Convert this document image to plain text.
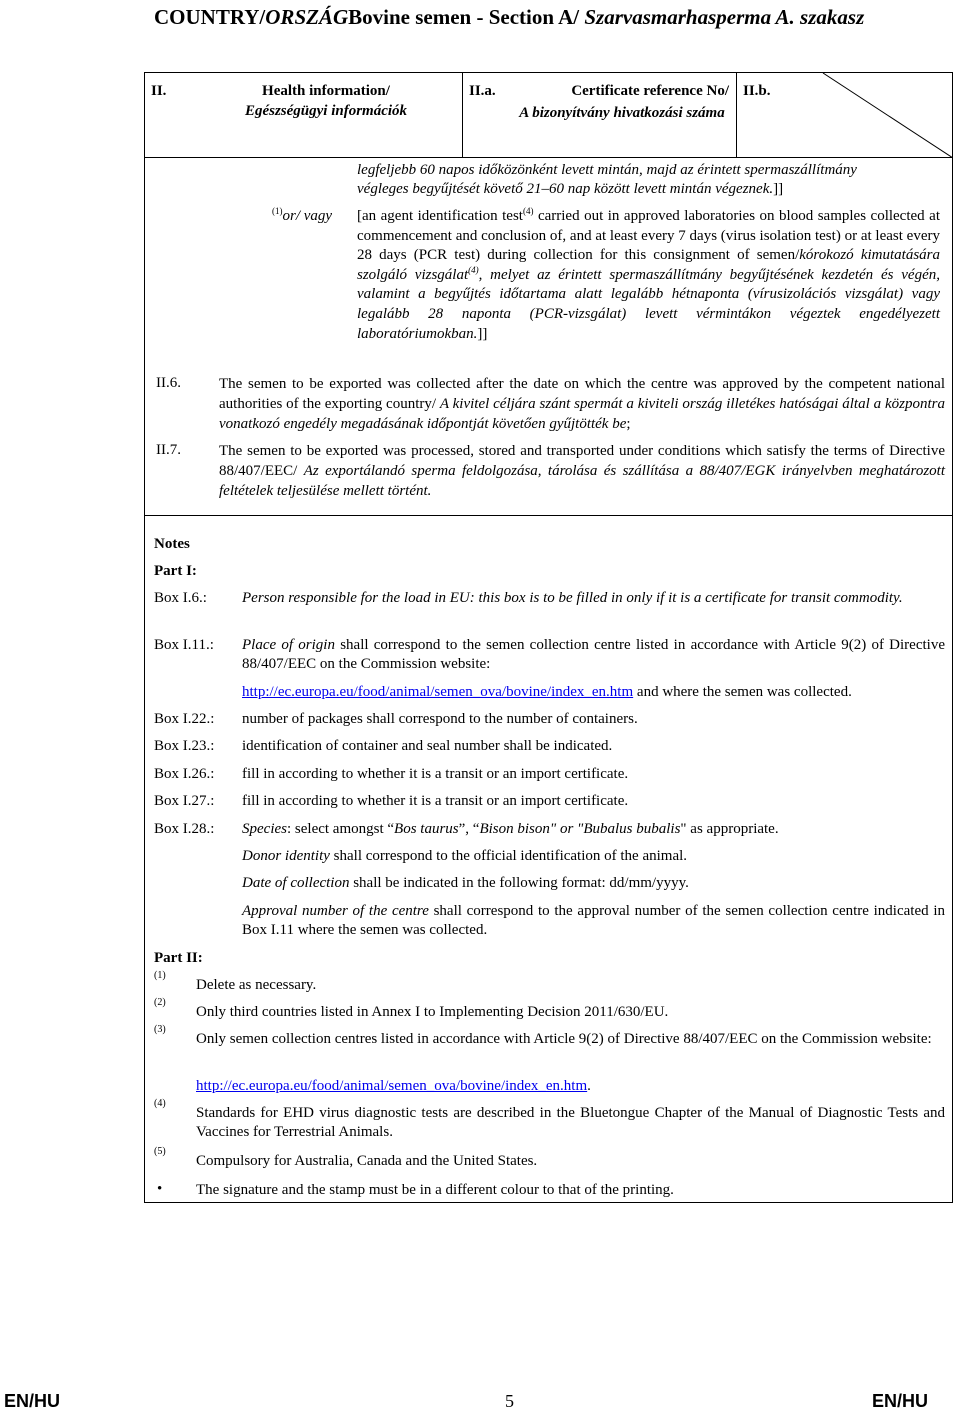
COUNTRY/ORSZÁGBovine semen - Section A/ Szarvasmarhasperma A. szakasz
II.	Health information/
Egészségügyi információk
II.a.	Certificate reference No/
A bizonyítvány hivatkozási száma
II.b.
legfeljebb 60 napos időközönként levett mintán, majd az érintett spermaszállítmány
végleges begyűjtését követő 21–60 nap között levett mintán végeznek.]]
$^{(1)}$or/ vagy [an agent identification test$^{(4)}$ carried out in approved laboratories on blood samples collected at commencement and conclusion of, and at least every 7 days (virus isolation test) or at least every 28 days (PCR test) during collection for this consignment of semen/kórokozó kimutatására szolgáló vizsgálat$^{(4)}$, melyet az érintett spermaszállítmány begyűjtésének kezdetén és végén, valamint a begyűjtés időtartama alatt legalább hétnaponta (vírusizolációs vizsgálat) vagy legalább 28 naponta (PCR-vizsgálat) levett vérmintákon végeztek engedélyezett laboratóriumokban.]]
II.6.	The semen to be exported was collected after the date on which the centre was approved by the competent national authorities of the exporting country/ A kivitel céljára szánt spermát a kiviteli ország illetékes hatóságai által a központra vonatkozó engedély megadásának időpontját követően gyűjtötték be;
II.7.	The semen to be exported was processed, stored and transported under conditions which satisfy the terms of Directive 88/407/EEC/ Az exportálandó sperma feldolgozása, tárolása és szállítása a 88/407/EGK irányelvben meghatározott feltételek teljesülése mellett történt.
Notes
Part I:
Box I.6.: Person responsible for the load in EU: this box is to be filled in only if it is a certificate for transit commodity.
Box I.11.: Place of origin shall correspond to the semen collection centre listed in accordance with Article 9(2) of Directive 88/407/EEC on the Commission website:
http://ec.europa.eu/food/animal/semen_ova/bovine/index_en.htm and where the semen was collected.
Box I.22.: number of packages shall correspond to the number of containers.
Box I.23.: identification of container and seal number shall be indicated.
Box I.26.: fill in according to whether it is a transit or an import certificate.
Box I.27.: fill in according to whether it is a transit or an import certificate.
Box I.28.: Species: select amongst “Bos taurus”, “Bison bison" or "Bubalus bubalis" as appropriate.
Donor identity shall correspond to the official identification of the animal.
Date of collection shall be indicated in the following format: dd/mm/yyyy.
Approval number of the centre shall correspond to the approval number of the semen collection centre indicated in Box I.11 where the semen was collected.
Part II:
(1)
Delete as necessary.
(2)
Only third countries listed in Annex I to Implementing Decision 2011/630/EU.
(3)
Only semen collection centres listed in accordance with Article 9(2) of Directive 88/407/EEC on the Commission website:
http://ec.europa.eu/food/animal/semen_ova/bovine/index_en.htm.
(4)
Standards for EHD virus diagnostic tests are described in the Bluetongue Chapter of the Manual of Diagnostic Tests and Vaccines for Terrestrial Animals.
(5)
Compulsory for Australia, Canada and the United States.
• The signature and the stamp must be in a different colour to that of the printing.
EN/HU	5	EN/HU
